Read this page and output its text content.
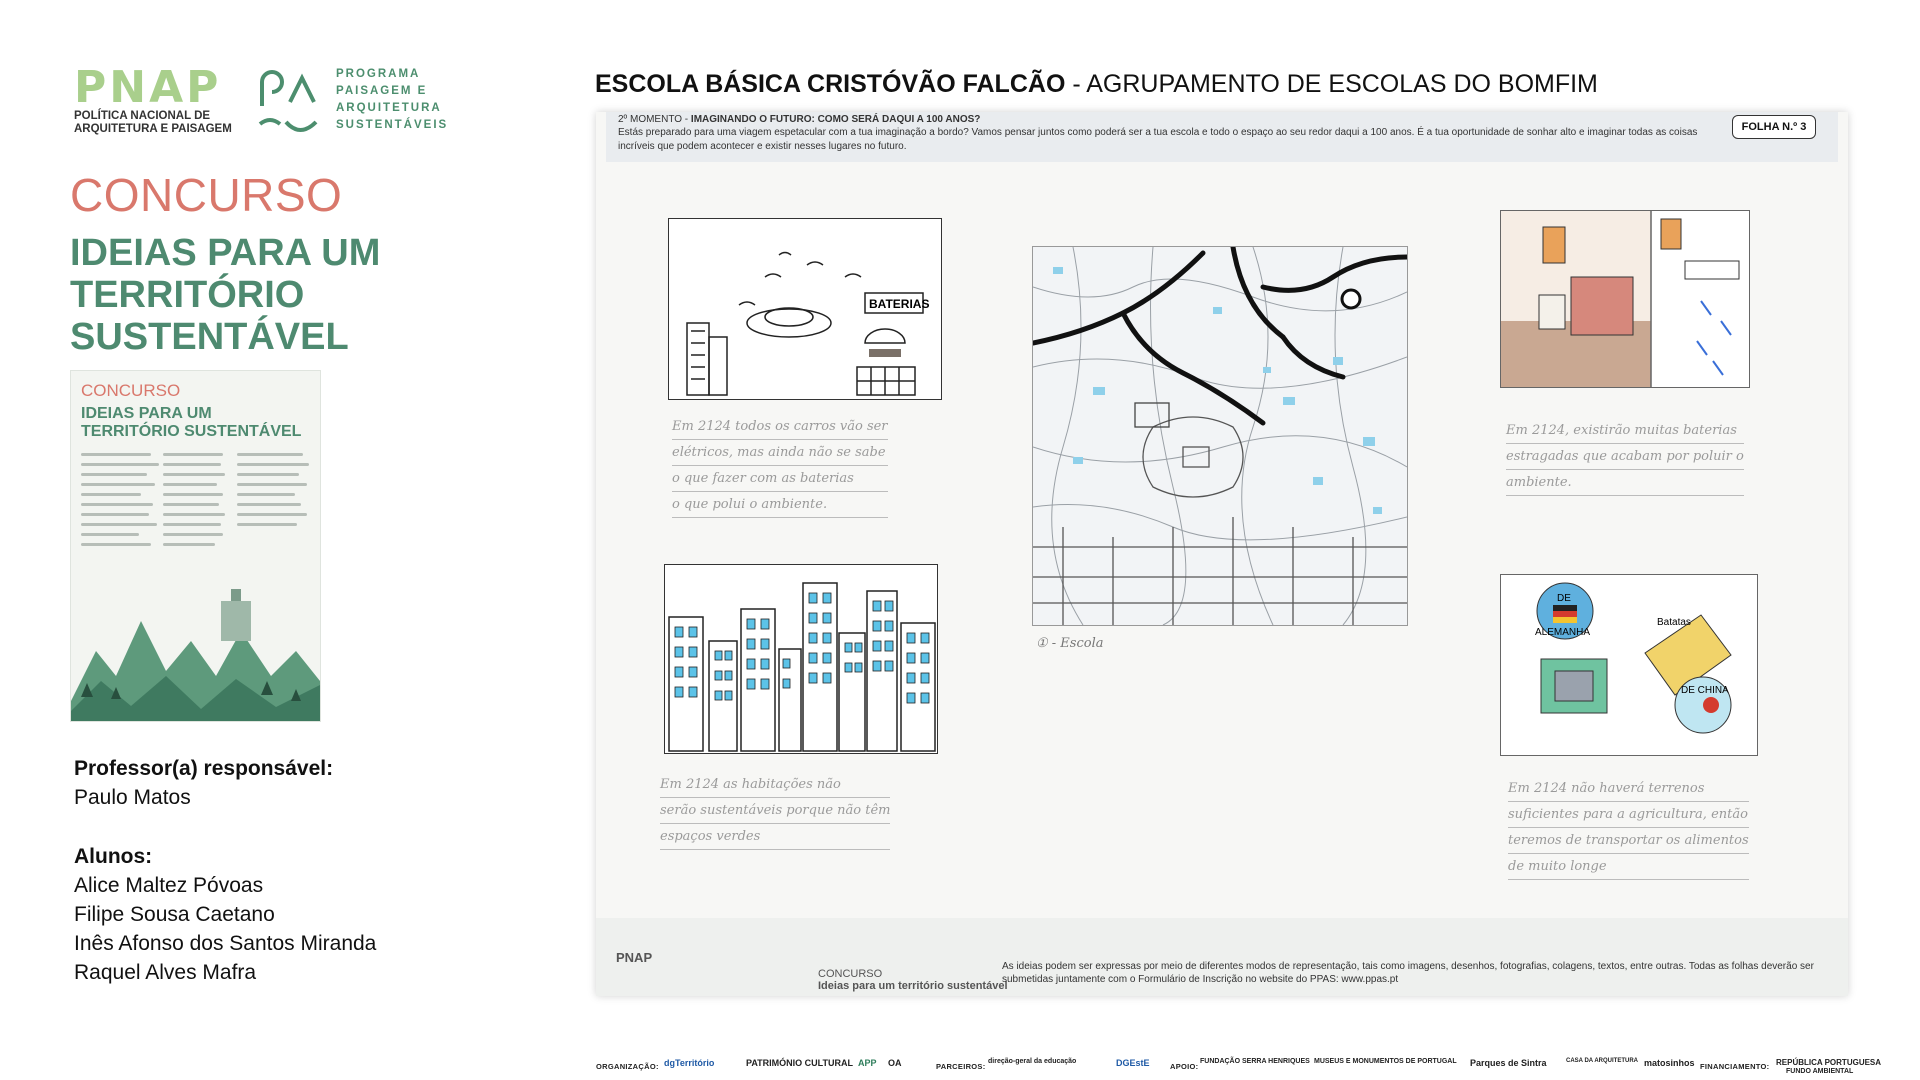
PNAP
POLÍTICA NACIONAL DE
ARQUITETURA E PAISAGEM
PROGRAMA
PAISAGEM E
ARQUITETURA
SUSTENTÁVEIS
CONCURSO
IDEIAS PARA UM TERRITÓRIO SUSTENTÁVEL
CONCURSO
IDEIAS PARA UM TERRITÓRIO SUSTENTÁVEL
Professor(a) responsável:
Paulo Matos
Alunos:
Alice Maltez Póvoas
Filipe Sousa Caetano
Inês Afonso dos Santos Miranda
Raquel Alves Mafra
ESCOLA BÁSICA CRISTÓVÃO FALCÃO - AGRUPAMENTO DE ESCOLAS DO BOMFIM
2º MOMENTO - IMAGINANDO O FUTURO: COMO SERÁ DAQUI A 100 ANOS?
Estás preparado para uma viagem espetacular com a tua imaginação a bordo? Vamos pensar juntos como poderá ser a tua escola e todo o espaço ao seu redor daqui a 100 anos. É a tua oportunidade de sonhar alto e imaginar todas as coisas incríveis que podem acontecer e existir nesses lugares no futuro.
FOLHA N.º 3
BATERIAS
Em 2124 todos os carros vão ser
elétricos, mas ainda não se sabe
o que fazer com as baterias
o que polui o ambiente.
Em 2124 as habitações não
serão sustentáveis porque não têm
espaços verdes
① - Escola
Em 2124, existirão muitas baterias
estragadas que acabam por poluir o
ambiente.
DE
ALEMANHA
Batatas
DE CHINA
Em 2124 não haverá terrenos
suficientes para a agricultura, então
teremos de transportar os alimentos
de muito longe
PNAP
CONCURSO
Ideias para um território sustentável
As ideias podem ser expressas por meio de diferentes modos de representação, tais como imagens, desenhos, fotografias, colagens, textos, entre outras. Todas as folhas deverão ser submetidas juntamente com o Formulário de Inscrição no website do PPAS: www.ppas.pt
ORGANIZAÇÃO: dgTerritório	PATRIMÓNIO CULTURAL APP OA	PARCEIROS:
direção-geral da educação	DGEstE	APOIO:
FUNDAÇÃO SERRA HENRIQUES MUSEUS E MONUMENTOS DE PORTUGAL Parques de Sintra	CASA DA ARQUITETURA matosinhos FINANCIAMENTO: REPÚBLICA PORTUGUESA
FUNDO AMBIENTAL
